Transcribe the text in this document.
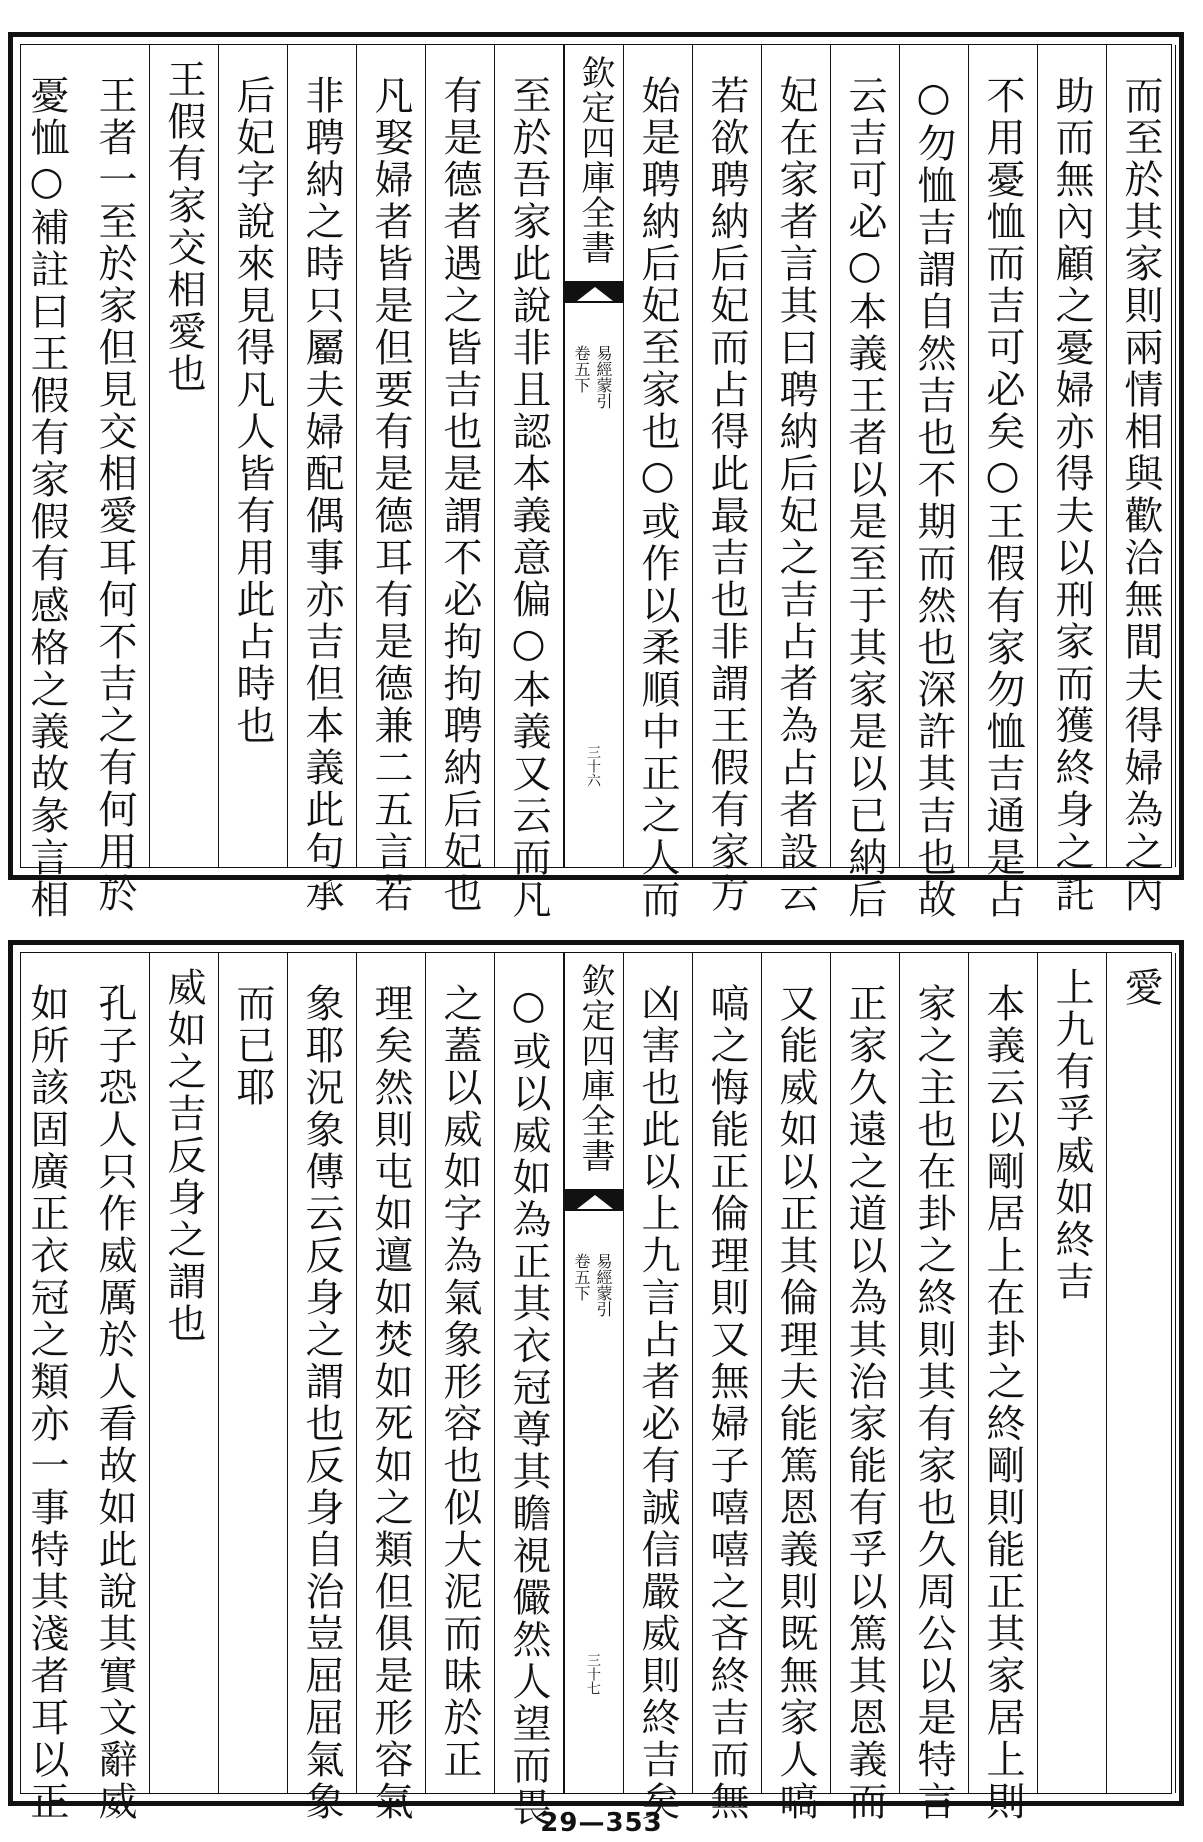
而至於其家則兩情相與歡洽無間夫得婦為之內
助而無內顧之憂婦亦得夫以刑家而獲終身之託
不用憂恤而吉可必矣○王假有家勿恤吉通是占
○勿恤吉謂自然吉也不期而然也深許其吉也故
云吉可必○本義王者以是至于其家是以已納后
妃在家者言其曰聘納后妃之吉占者為占者設云
若欲聘納后妃而占得此最吉也非謂王假有家方
始是聘納后妃至家也○或作以柔順中正之人而
欽定四庫全書
易經蒙引
卷五下
三十六
至於吾家此說非且認本義意偏○本義又云而凡
有是德者遇之皆吉也是謂不必拘拘聘納后妃也
凡娶婦者皆是但要有是德耳有是德兼二五言若
非聘納之時只屬夫婦配偶事亦吉但本義此句承
后妃字說來見得凡人皆有用此占時也
王假有家交相愛也
王者一至於家但見交相愛耳何不吉之有何用於
憂恤○補註曰王假有家假有感格之義故彖言相
愛
上九有孚威如終吉
本義云以剛居上在卦之終剛則能正其家居上則
家之主也在卦之終則其有家也久周公以是特言
正家久遠之道以為其治家能有孚以篤其恩義而
又能威如以正其倫理夫能篤恩義則既無家人嗃
嗃之悔能正倫理則又無婦子嘻嘻之吝終吉而無
凶害也此以上九言占者必有誠信嚴威則終吉矣
欽定四庫全書
易經蒙引
卷五下
三十七
○或以威如為正其衣冠尊其瞻視儼然人望而畏
之蓋以威如字為氣象形容也似大泥而昧於正
理矣然則屯如邅如焚如死如之類但俱是形容氣
象耶況象傳云反身之謂也反身自治豈屈屈氣象
而已耶
威如之吉反身之謂也
孔子恐人只作威厲於人看故如此說其實文辭威
如所該固廣正衣冠之類亦一事特其淺者耳以正	29—353
